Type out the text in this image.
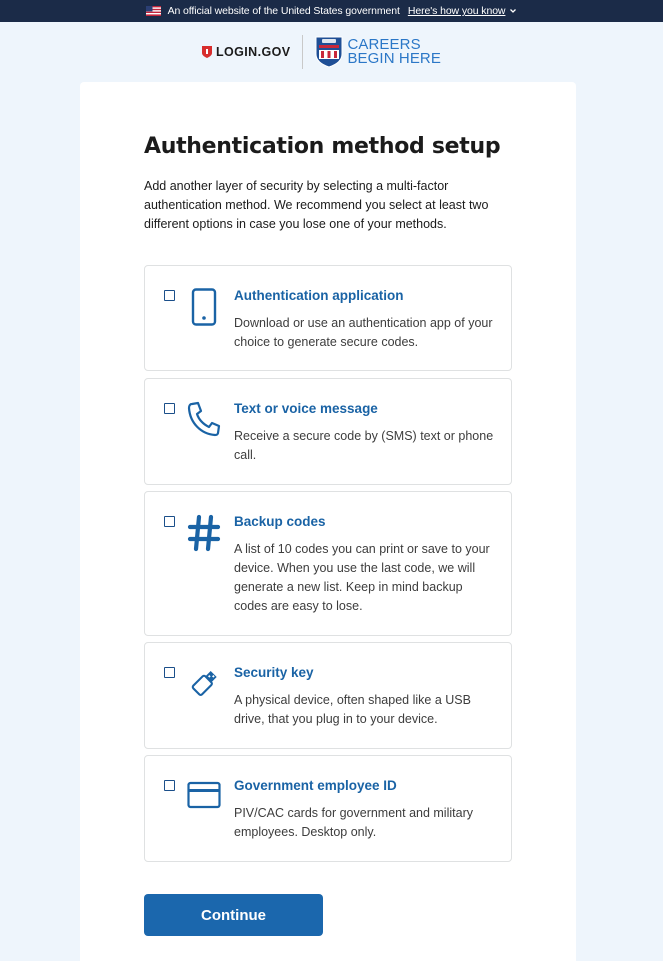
An official website of the United States government Here's how you know
LOGIN.GOV	CAREERS
BEGIN HERE
Authentication method setup

Add another layer of security by selecting a multi-factor authentication method. We recommend you select at least two different options in case you lose one of your methods.

Authentication application
Download or use an authentication app of your choice to generate secure codes.
Text or voice message
Receive a secure code by (SMS) text or phone call.
Backup codes
A list of 10 codes you can print or save to your device. When you use the last code, we will generate a new list. Keep in mind backup codes are easy to lose.
Security key
A physical device, often shaped like a USB drive, that you plug in to your device.
Government employee ID
PIV/CAC cards for government and military employees. Desktop only.
Continue
